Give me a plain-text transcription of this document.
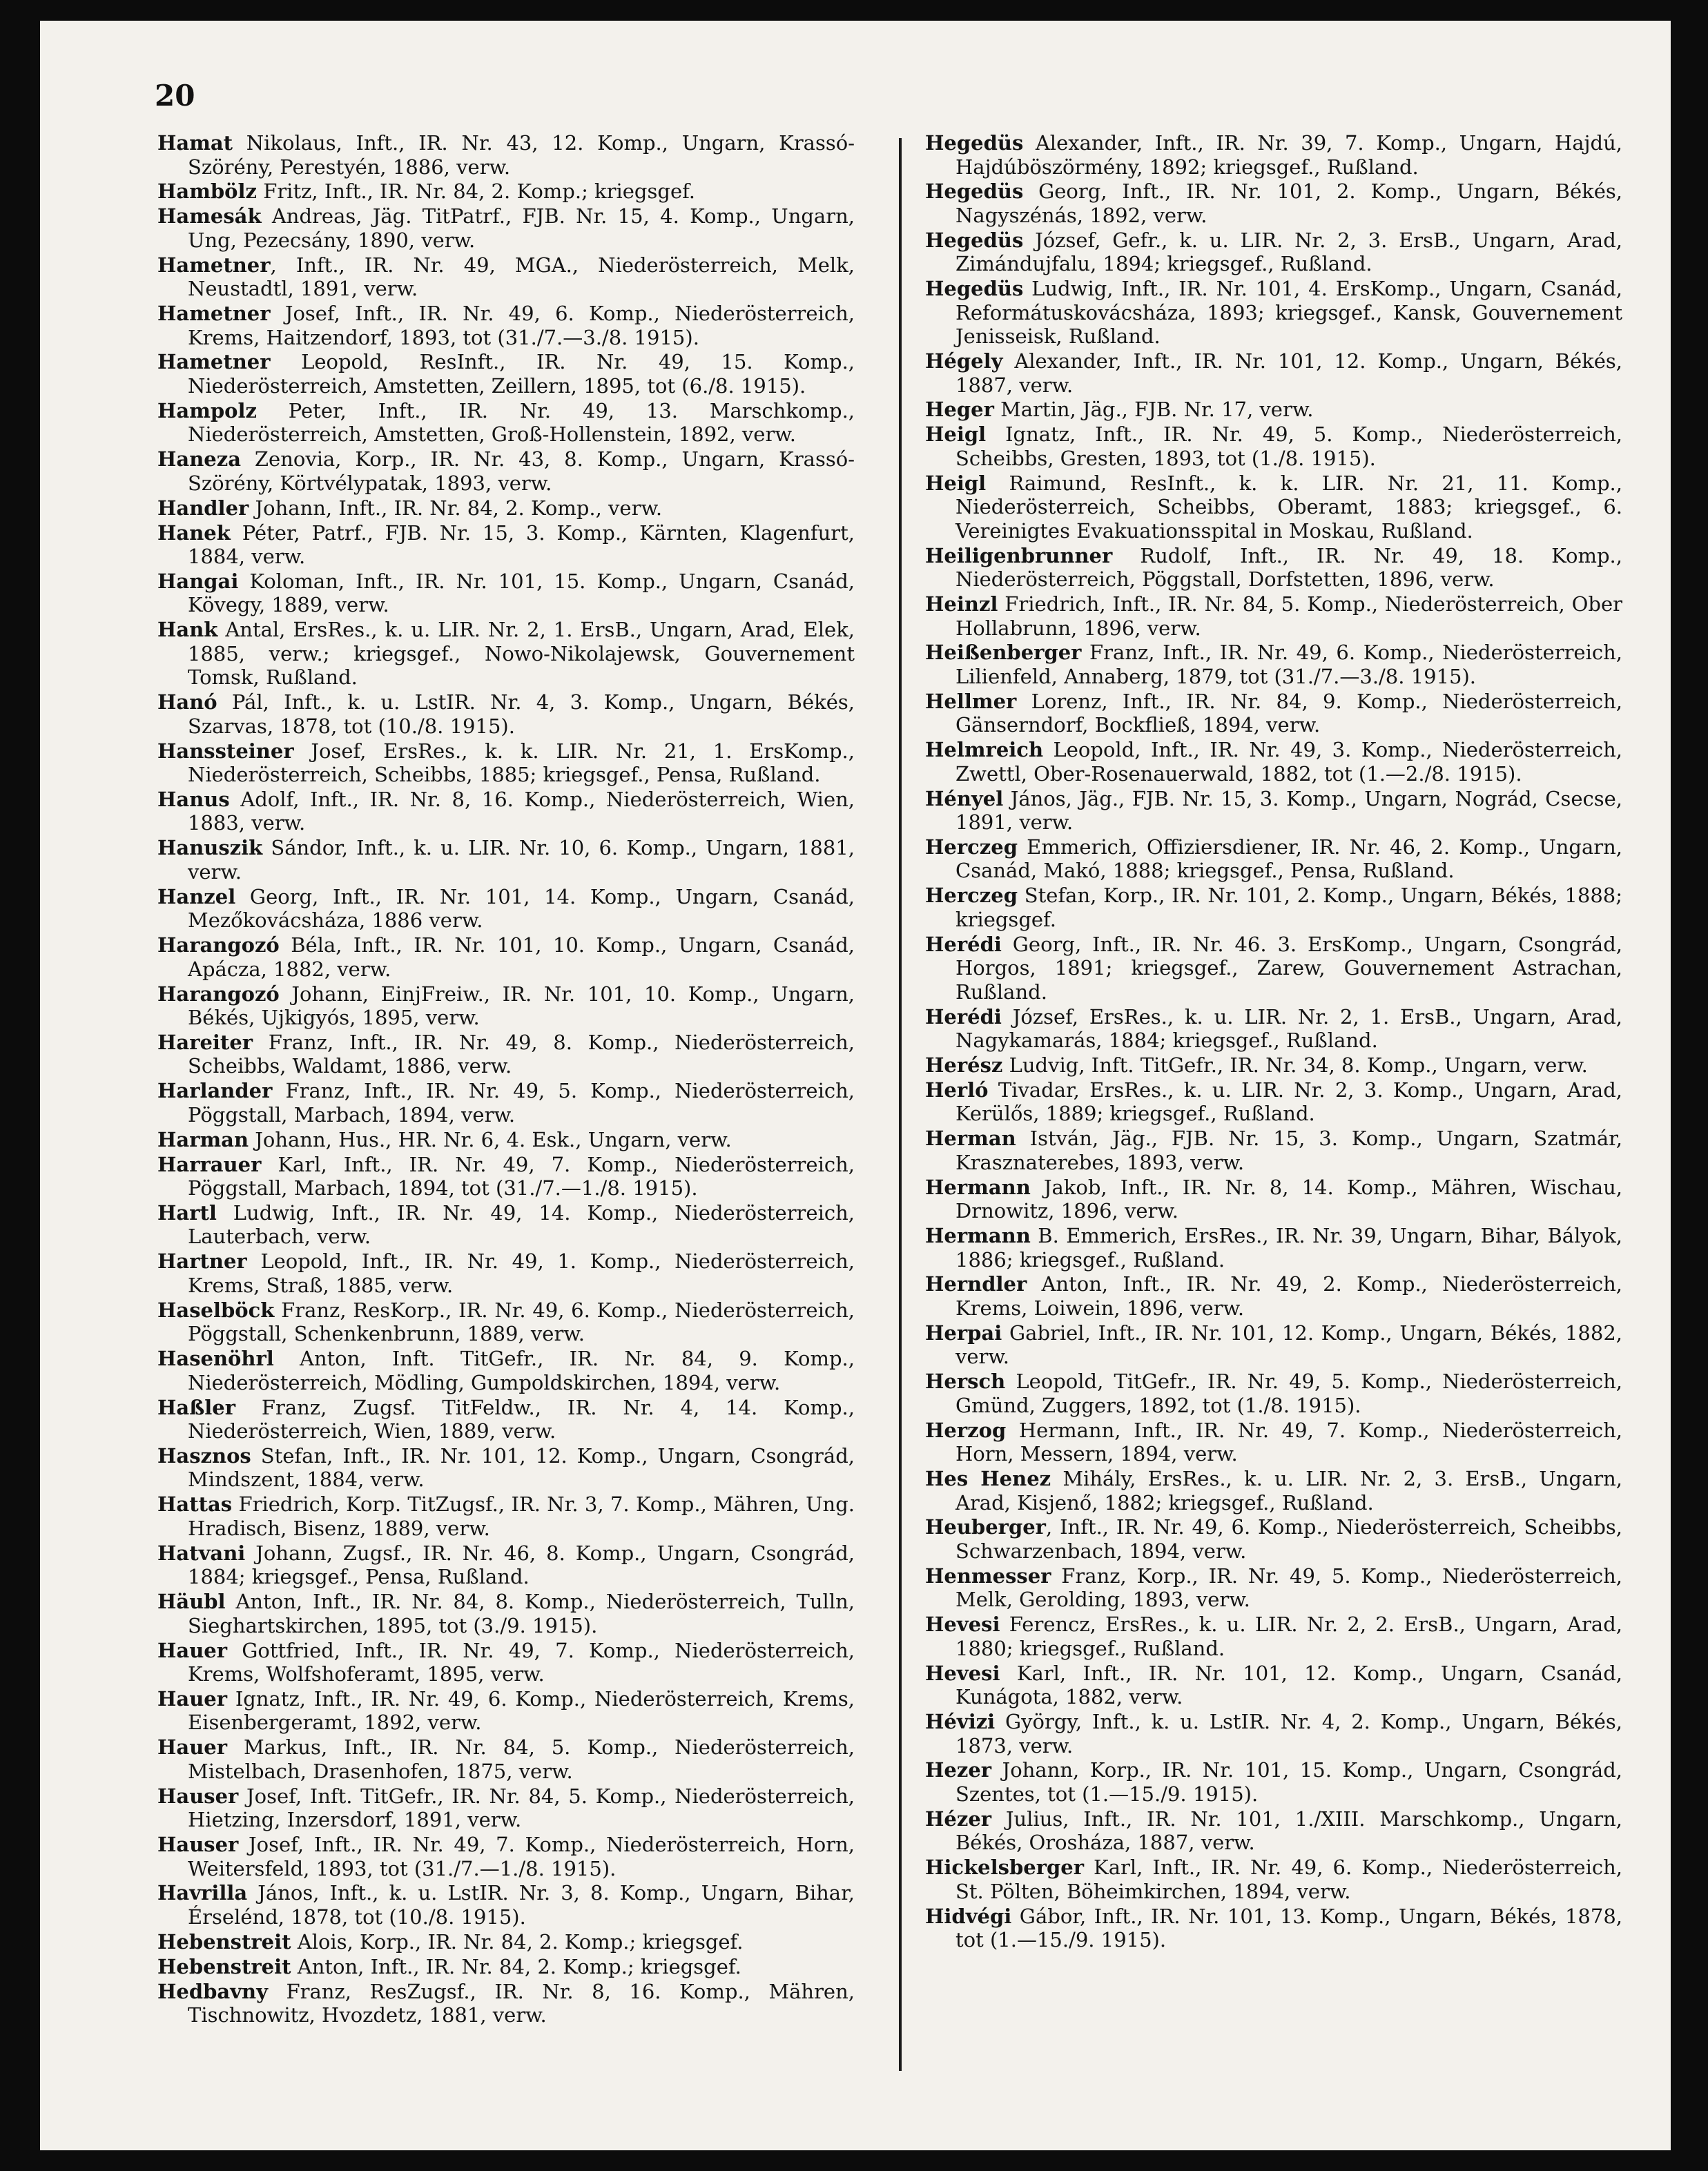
20

Hamat Nikolaus, Inft., IR. Nr. 43, 12. Komp., Ungarn, Krassó-Szörény, Perestyén, 1886, verw.

Hambölz Fritz, Inft., IR. Nr. 84, 2. Komp.; kriegsgef.

Hamesák Andreas, Jäg. TitPatrf., FJB. Nr. 15, 4. Komp., Ungarn, Ung, Pezecsány, 1890, verw.

Hametner, Inft., IR. Nr. 49, MGA., Niederösterreich, Melk, Neustadtl, 1891, verw.

Hametner Josef, Inft., IR. Nr. 49, 6. Komp., Niederösterreich, Krems, Haitzendorf, 1893, tot (31./7.—3./8. 1915).

Hametner Leopold, ResInft., IR. Nr. 49, 15. Komp., Niederösterreich, Amstetten, Zeillern, 1895, tot (6./8. 1915).

Hampolz Peter, Inft., IR. Nr. 49, 13. Marschkomp., Niederösterreich, Amstetten, Groß-Hollenstein, 1892, verw.

Haneza Zenovia, Korp., IR. Nr. 43, 8. Komp., Ungarn, Krassó-Szörény, Körtvélypatak, 1893, verw.

Handler Johann, Inft., IR. Nr. 84, 2. Komp., verw.

Hanek Péter, Patrf., FJB. Nr. 15, 3. Komp., Kärnten, Klagenfurt, 1884, verw.

Hangai Koloman, Inft., IR. Nr. 101, 15. Komp., Ungarn, Csanád, Kövegy, 1889, verw.

Hank Antal, ErsRes., k. u. LIR. Nr. 2, 1. ErsB., Ungarn, Arad, Elek, 1885, verw.; kriegsgef., Nowo-Nikolajewsk, Gouvernement Tomsk, Rußland.

Hanó Pál, Inft., k. u. LstIR. Nr. 4, 3. Komp., Ungarn, Békés, Szarvas, 1878, tot (10./8. 1915).

Hanssteiner Josef, ErsRes., k. k. LIR. Nr. 21, 1. ErsKomp., Niederösterreich, Scheibbs, 1885; kriegsgef., Pensa, Rußland.

Hanus Adolf, Inft., IR. Nr. 8, 16. Komp., Niederösterreich, Wien, 1883, verw.

Hanuszik Sándor, Inft., k. u. LIR. Nr. 10, 6. Komp., Ungarn, 1881, verw.

Hanzel Georg, Inft., IR. Nr. 101, 14. Komp., Ungarn, Csanád, Mezőkovácsháza, 1886 verw.

Harangozó Béla, Inft., IR. Nr. 101, 10. Komp., Ungarn, Csanád, Apácza, 1882, verw.

Harangozó Johann, EinjFreiw., IR. Nr. 101, 10. Komp., Ungarn, Békés, Ujkigyós, 1895, verw.

Hareiter Franz, Inft., IR. Nr. 49, 8. Komp., Niederösterreich, Scheibbs, Waldamt, 1886, verw.

Harlander Franz, Inft., IR. Nr. 49, 5. Komp., Niederösterreich, Pöggstall, Marbach, 1894, verw.

Harman Johann, Hus., HR. Nr. 6, 4. Esk., Ungarn, verw.

Harrauer Karl, Inft., IR. Nr. 49, 7. Komp., Niederösterreich, Pöggstall, Marbach, 1894, tot (31./7.—1./8. 1915).

Hartl Ludwig, Inft., IR. Nr. 49, 14. Komp., Niederösterreich, Lauterbach, verw.

Hartner Leopold, Inft., IR. Nr. 49, 1. Komp., Niederösterreich, Krems, Straß, 1885, verw.

Haselböck Franz, ResKorp., IR. Nr. 49, 6. Komp., Niederösterreich, Pöggstall, Schenkenbrunn, 1889, verw.

Hasenöhrl Anton, Inft. TitGefr., IR. Nr. 84, 9. Komp., Niederösterreich, Mödling, Gumpoldskirchen, 1894, verw.

Haßler Franz, Zugsf. TitFeldw., IR. Nr. 4, 14. Komp., Niederösterreich, Wien, 1889, verw.

Hasznos Stefan, Inft., IR. Nr. 101, 12. Komp., Ungarn, Csongrád, Mindszent, 1884, verw.

Hattas Friedrich, Korp. TitZugsf., IR. Nr. 3, 7. Komp., Mähren, Ung. Hradisch, Bisenz, 1889, verw.

Hatvani Johann, Zugsf., IR. Nr. 46, 8. Komp., Ungarn, Csongrád, 1884; kriegsgef., Pensa, Rußland.

Häubl Anton, Inft., IR. Nr. 84, 8. Komp., Niederösterreich, Tulln, Sieghartskirchen, 1895, tot (3./9. 1915).

Hauer Gottfried, Inft., IR. Nr. 49, 7. Komp., Niederösterreich, Krems, Wolfshoferamt, 1895, verw.

Hauer Ignatz, Inft., IR. Nr. 49, 6. Komp., Niederösterreich, Krems, Eisenbergeramt, 1892, verw.

Hauer Markus, Inft., IR. Nr. 84, 5. Komp., Niederösterreich, Mistelbach, Drasenhofen, 1875, verw.

Hauser Josef, Inft. TitGefr., IR. Nr. 84, 5. Komp., Niederösterreich, Hietzing, Inzersdorf, 1891, verw.

Hauser Josef, Inft., IR. Nr. 49, 7. Komp., Niederösterreich, Horn, Weitersfeld, 1893, tot (31./7.—1./8. 1915).

Havrilla János, Inft., k. u. LstIR. Nr. 3, 8. Komp., Ungarn, Bihar, Érselénd, 1878, tot (10./8. 1915).

Hebenstreit Alois, Korp., IR. Nr. 84, 2. Komp.; kriegsgef.

Hebenstreit Anton, Inft., IR. Nr. 84, 2. Komp.; kriegsgef.

Hedbavny Franz, ResZugsf., IR. Nr. 8, 16. Komp., Mähren, Tischnowitz, Hvozdetz, 1881, verw.

Hegedüs Alexander, Inft., IR. Nr. 39, 7. Komp., Ungarn, Hajdú, Hajdúböszörmény, 1892; kriegsgef., Rußland.

Hegedüs Georg, Inft., IR. Nr. 101, 2. Komp., Ungarn, Békés, Nagyszénás, 1892, verw.

Hegedüs József, Gefr., k. u. LIR. Nr. 2, 3. ErsB., Ungarn, Arad, Zimándujfalu, 1894; kriegsgef., Rußland.

Hegedüs Ludwig, Inft., IR. Nr. 101, 4. ErsKomp., Ungarn, Csanád, Reformátuskovácsháza, 1893; kriegsgef., Kansk, Gouvernement Jenisseisk, Rußland.

Hégely Alexander, Inft., IR. Nr. 101, 12. Komp., Ungarn, Békés, 1887, verw.

Heger Martin, Jäg., FJB. Nr. 17, verw.

Heigl Ignatz, Inft., IR. Nr. 49, 5. Komp., Niederösterreich, Scheibbs, Gresten, 1893, tot (1./8. 1915).

Heigl Raimund, ResInft., k. k. LIR. Nr. 21, 11. Komp., Niederösterreich, Scheibbs, Oberamt, 1883; kriegsgef., 6. Vereinigtes Evakuationsspital in Moskau, Rußland.

Heiligenbrunner Rudolf, Inft., IR. Nr. 49, 18. Komp., Niederösterreich, Pöggstall, Dorfstetten, 1896, verw.

Heinzl Friedrich, Inft., IR. Nr. 84, 5. Komp., Niederösterreich, Ober Hollabrunn, 1896, verw.

Heißenberger Franz, Inft., IR. Nr. 49, 6. Komp., Niederösterreich, Lilienfeld, Annaberg, 1879, tot (31./7.—3./8. 1915).

Hellmer Lorenz, Inft., IR. Nr. 84, 9. Komp., Niederösterreich, Gänserndorf, Bockfließ, 1894, verw.

Helmreich Leopold, Inft., IR. Nr. 49, 3. Komp., Niederösterreich, Zwettl, Ober-Rosenauerwald, 1882, tot (1.—2./8. 1915).

Hényel János, Jäg., FJB. Nr. 15, 3. Komp., Ungarn, Nográd, Csecse, 1891, verw.

Herczeg Emmerich, Offiziersdiener, IR. Nr. 46, 2. Komp., Ungarn, Csanád, Makó, 1888; kriegsgef., Pensa, Rußland.

Herczeg Stefan, Korp., IR. Nr. 101, 2. Komp., Ungarn, Békés, 1888; kriegsgef.

Herédi Georg, Inft., IR. Nr. 46. 3. ErsKomp., Ungarn, Csongrád, Horgos, 1891; kriegsgef., Zarew, Gouvernement Astrachan, Rußland.

Herédi József, ErsRes., k. u. LIR. Nr. 2, 1. ErsB., Ungarn, Arad, Nagykamarás, 1884; kriegsgef., Rußland.

Herész Ludvig, Inft. TitGefr., IR. Nr. 34, 8. Komp., Ungarn, verw.

Herló Tivadar, ErsRes., k. u. LIR. Nr. 2, 3. Komp., Ungarn, Arad, Kerülős, 1889; kriegsgef., Rußland.

Herman István, Jäg., FJB. Nr. 15, 3. Komp., Ungarn, Szatmár, Krasznaterebes, 1893, verw.

Hermann Jakob, Inft., IR. Nr. 8, 14. Komp., Mähren, Wischau, Drnowitz, 1896, verw.

Hermann B. Emmerich, ErsRes., IR. Nr. 39, Ungarn, Bihar, Bályok, 1886; kriegsgef., Rußland.

Herndler Anton, Inft., IR. Nr. 49, 2. Komp., Niederösterreich, Krems, Loiwein, 1896, verw.

Herpai Gabriel, Inft., IR. Nr. 101, 12. Komp., Ungarn, Békés, 1882, verw.

Hersch Leopold, TitGefr., IR. Nr. 49, 5. Komp., Niederösterreich, Gmünd, Zuggers, 1892, tot (1./8. 1915).

Herzog Hermann, Inft., IR. Nr. 49, 7. Komp., Niederösterreich, Horn, Messern, 1894, verw.

Hes Henez Mihály, ErsRes., k. u. LIR. Nr. 2, 3. ErsB., Ungarn, Arad, Kisjenő, 1882; kriegsgef., Rußland.

Heuberger, Inft., IR. Nr. 49, 6. Komp., Niederösterreich, Scheibbs, Schwarzenbach, 1894, verw.

Henmesser Franz, Korp., IR. Nr. 49, 5. Komp., Niederösterreich, Melk, Gerolding, 1893, verw.

Hevesi Ferencz, ErsRes., k. u. LIR. Nr. 2, 2. ErsB., Ungarn, Arad, 1880; kriegsgef., Rußland.

Hevesi Karl, Inft., IR. Nr. 101, 12. Komp., Ungarn, Csanád, Kunágota, 1882, verw.

Hévizi György, Inft., k. u. LstIR. Nr. 4, 2. Komp., Ungarn, Békés, 1873, verw.

Hezer Johann, Korp., IR. Nr. 101, 15. Komp., Ungarn, Csongrád, Szentes, tot (1.—15./9. 1915).

Hézer Julius, Inft., IR. Nr. 101, 1./XIII. Marschkomp., Ungarn, Békés, Orosháza, 1887, verw.

Hickelsberger Karl, Inft., IR. Nr. 49, 6. Komp., Niederösterreich, St. Pölten, Böheimkirchen, 1894, verw.

Hidvégi Gábor, Inft., IR. Nr. 101, 13. Komp., Ungarn, Békés, 1878, tot (1.—15./9. 1915).
